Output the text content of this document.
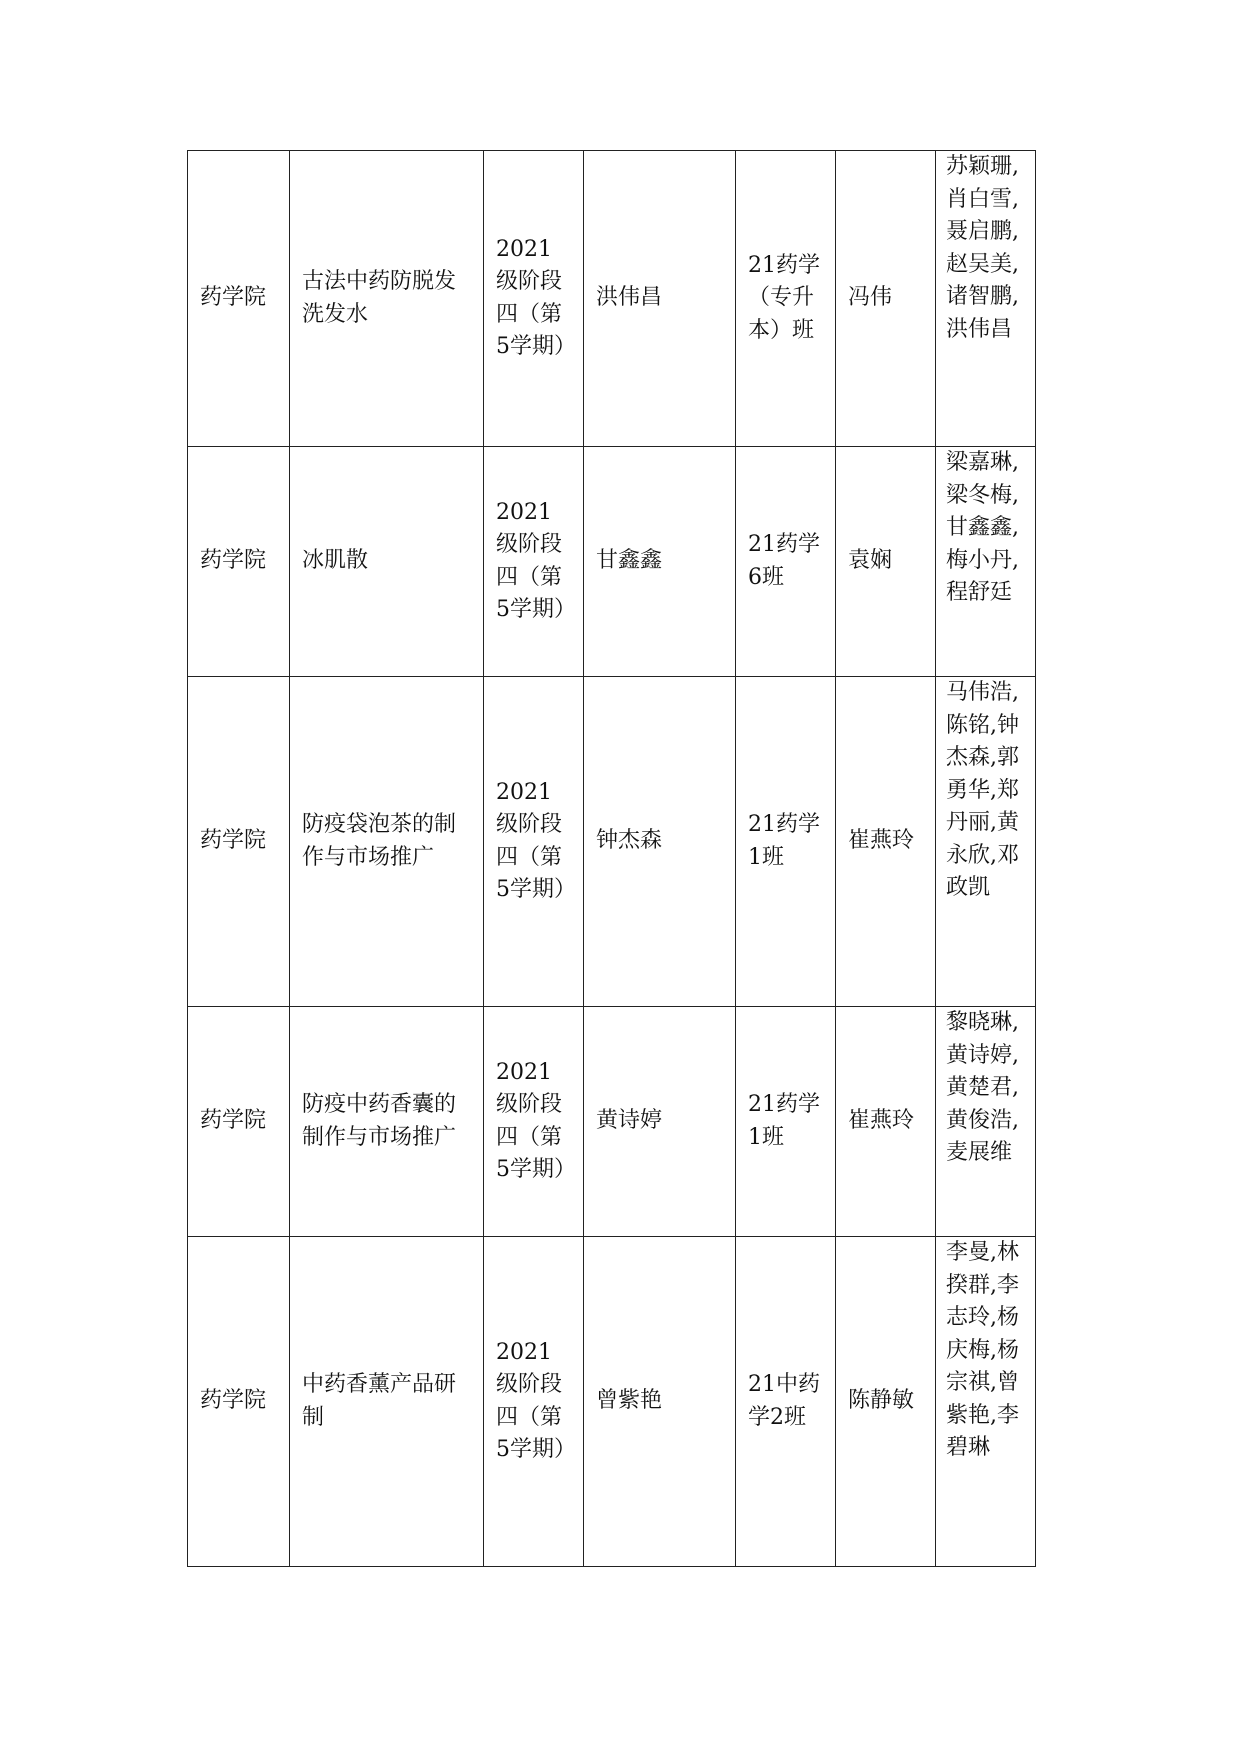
药学院	古法中药防脱发洗发水	2021级阶段四（第5学期）	洪伟昌	21药学（专升本）班	冯伟	苏颖珊,肖白雪,聂启鹏,赵吴美,诸智鹏,洪伟昌

药学院	冰肌散	2021级阶段四（第5学期）	甘鑫鑫	21药学6班	袁娴	梁嘉琳,梁冬梅,甘鑫鑫,梅小丹,程舒廷

药学院	防疫袋泡茶的制作与市场推广	2021级阶段四（第5学期）	钟杰森	21药学1班	崔燕玲	马伟浩,陈铭,钟杰森,郭勇华,郑丹丽,黄永欣,邓政凯

药学院	防疫中药香囊的制作与市场推广	2021级阶段四（第5学期）	黄诗婷	21药学1班	崔燕玲	黎晓琳,黄诗婷,黄楚君,黄俊浩,麦展维

药学院	中药香薰产品研制	2021级阶段四（第5学期）	曾紫艳	21中药学2班	陈静敏	李曼,林揆群,李志玲,杨庆梅,杨宗祺,曾紫艳,李碧琳
